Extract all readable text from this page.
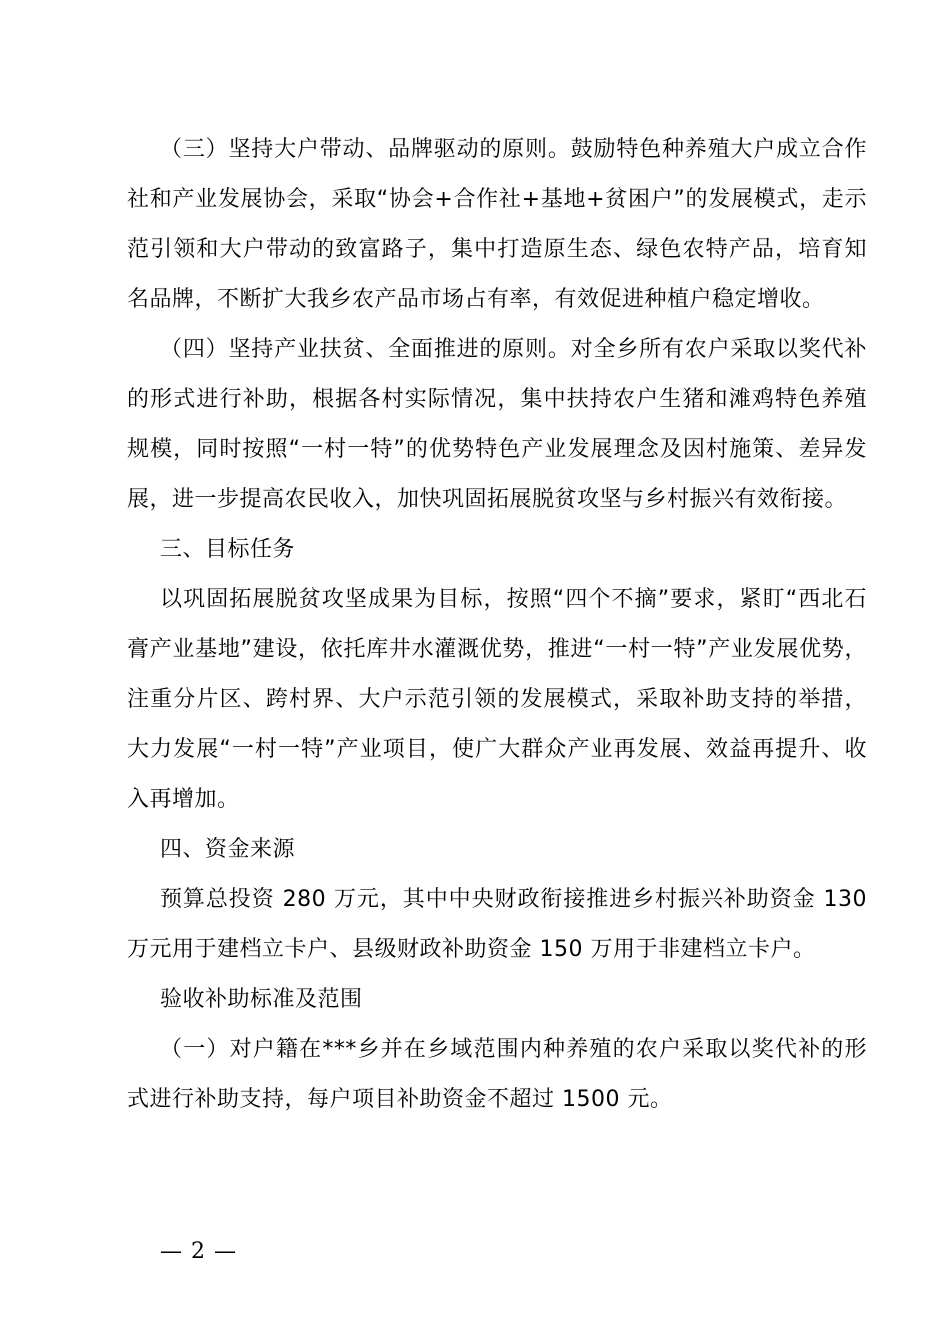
（三）坚持大户带动、品牌驱动的原则。鼓励特色种养殖大户成立合作社和产业发展协会，采取“协会+合作社+基地+贫困户”的发展模式，走示范引领和大户带动的致富路子，集中打造原生态、绿色农特产品，培育知名品牌，不断扩大我乡农产品市场占有率，有效促进种植户稳定增收。

（四）坚持产业扶贫、全面推进的原则。对全乡所有农户采取以奖代补的形式进行补助，根据各村实际情况，集中扶持农户生猪和滩鸡特色养殖规模，同时按照“一村一特”的优势特色产业发展理念及因村施策、差异发展，进一步提高农民收入，加快巩固拓展脱贫攻坚与乡村振兴有效衔接。

三、目标任务

以巩固拓展脱贫攻坚成果为目标，按照“四个不摘”要求，紧盯“西北石膏产业基地”建设，依托库井水灌溉优势，推进“一村一特”产业发展优势，注重分片区、跨村界、大户示范引领的发展模式，采取补助支持的举措，大力发展“一村一特”产业项目，使广大群众产业再发展、效益再提升、收入再增加。

四、资金来源

预算总投资 280 万元，其中中央财政衔接推进乡村振兴补助资金 130 万元用于建档立卡户、县级财政补助资金 150 万用于非建档立卡户。

验收补助标准及范围

（一）对户籍在***乡并在乡域范围内种养殖的农户采取以奖代补的形式进行补助支持，每户项目补助资金不超过 1500 元。

— 2 —
